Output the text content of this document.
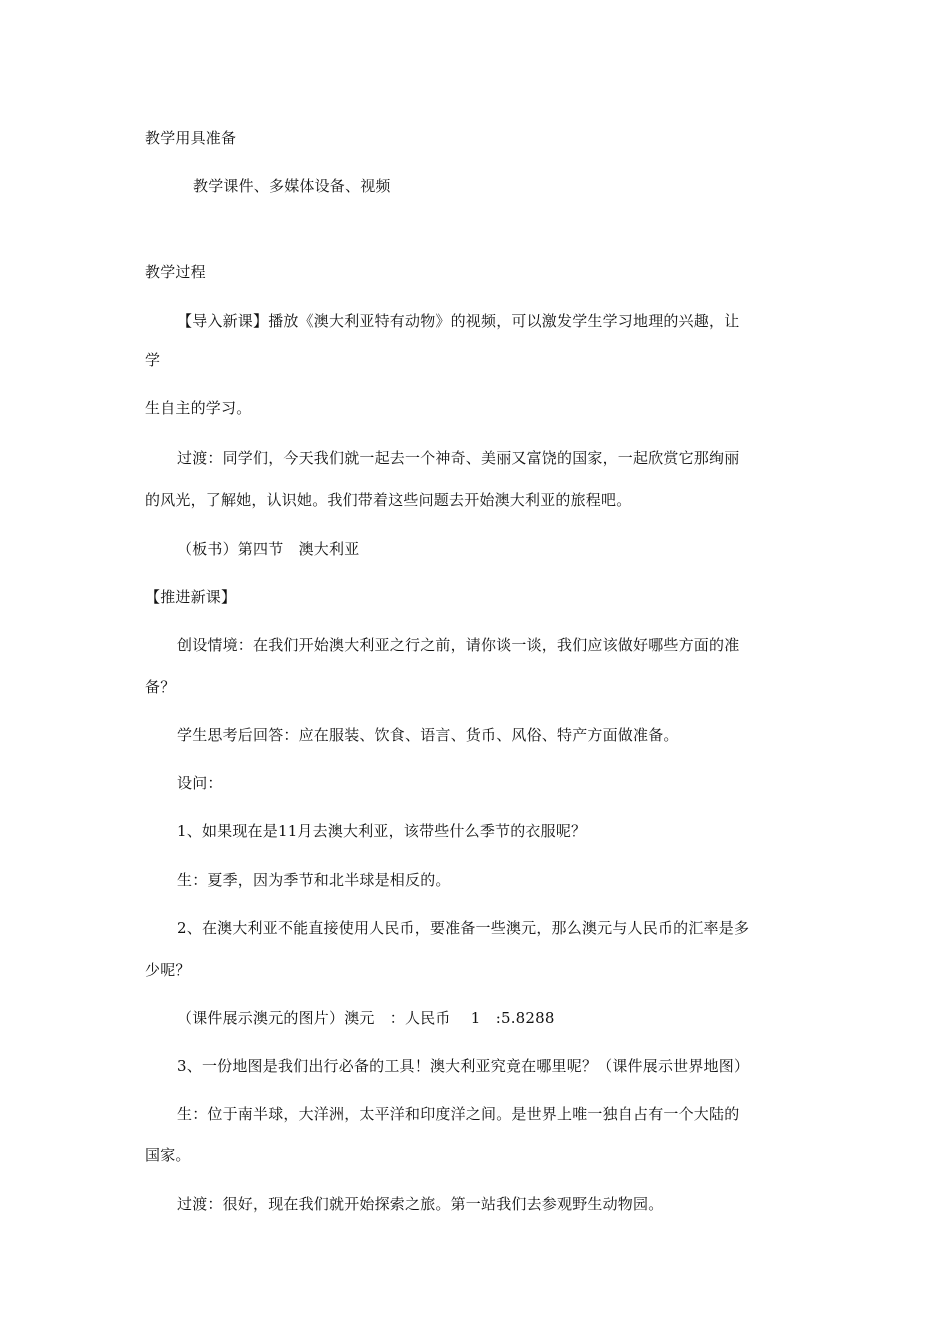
教学用具准备
教学课件、多媒体设备、视频
教学过程
【导入新课】播放《澳大利亚特有动物》的视频，可以激发学生学习地理的兴趣，让
学
生自主的学习。
过渡：同学们，今天我们就一起去一个神奇、美丽又富饶的国家，一起欣赏它那绚丽
的风光，了解她，认识她。我们带着这些问题去开始澳大利亚的旅程吧。
（板书）第四节　澳大利亚
【推进新课】
创设情境：在我们开始澳大利亚之行之前，请你谈一谈，我们应该做好哪些方面的准
备？
学生思考后回答：应在服装、饮食、语言、货币、风俗、特产方面做准备。
设问：
1、如果现在是11月去澳大利亚，该带些什么季节的衣服呢？
生：夏季，因为季节和北半球是相反的。
2、在澳大利亚不能直接使用人民币，要准备一些澳元，那么澳元与人民币的汇率是多
少呢？
（课件展示澳元的图片）澳元　：人民币　 1　:5.8288
3、一份地图是我们出行必备的工具！澳大利亚究竟在哪里呢？（课件展示世界地图）
生：位于南半球，大洋洲，太平洋和印度洋之间。是世界上唯一独自占有一个大陆的
国家。
过渡：很好，现在我们就开始探索之旅。第一站我们去参观野生动物园。
